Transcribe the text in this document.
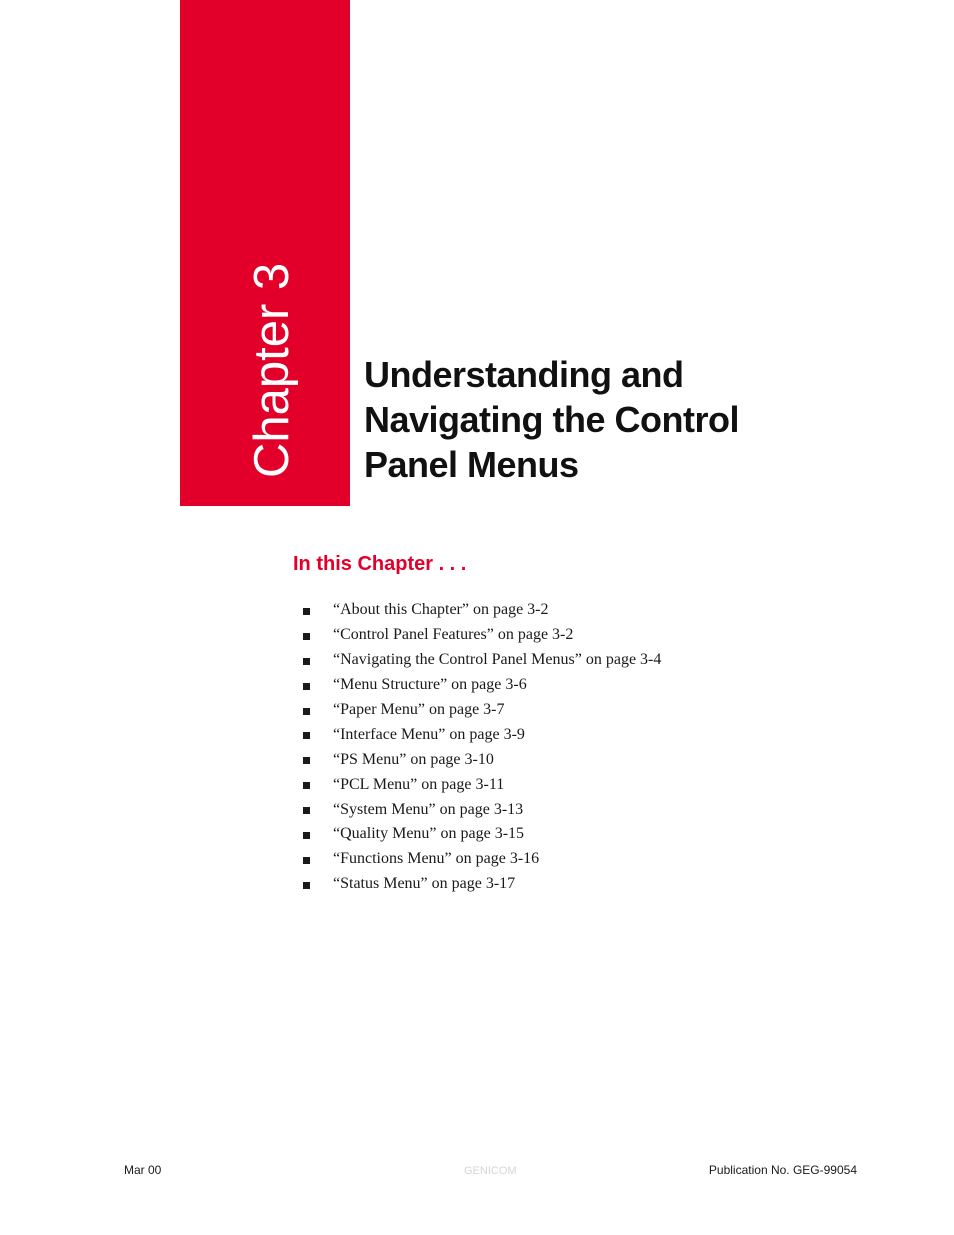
Chapter 3 Understanding and
Navigating the Control
Panel Menus
In this Chapter . . .
“About this Chapter” on page 3-2
“Control Panel Features” on page 3-2
“Navigating the Control Panel Menus” on page 3-4
“Menu Structure” on page 3-6
“Paper Menu” on page 3-7
“Interface Menu” on page 3-9
“PS Menu” on page 3-10
“PCL Menu” on page 3-11
“System Menu” on page 3-13
“Quality Menu” on page 3-15
“Functions Menu” on page 3-16
“Status Menu” on page 3-17
Mar 00	GENICOM	Publication No. GEG-99054
